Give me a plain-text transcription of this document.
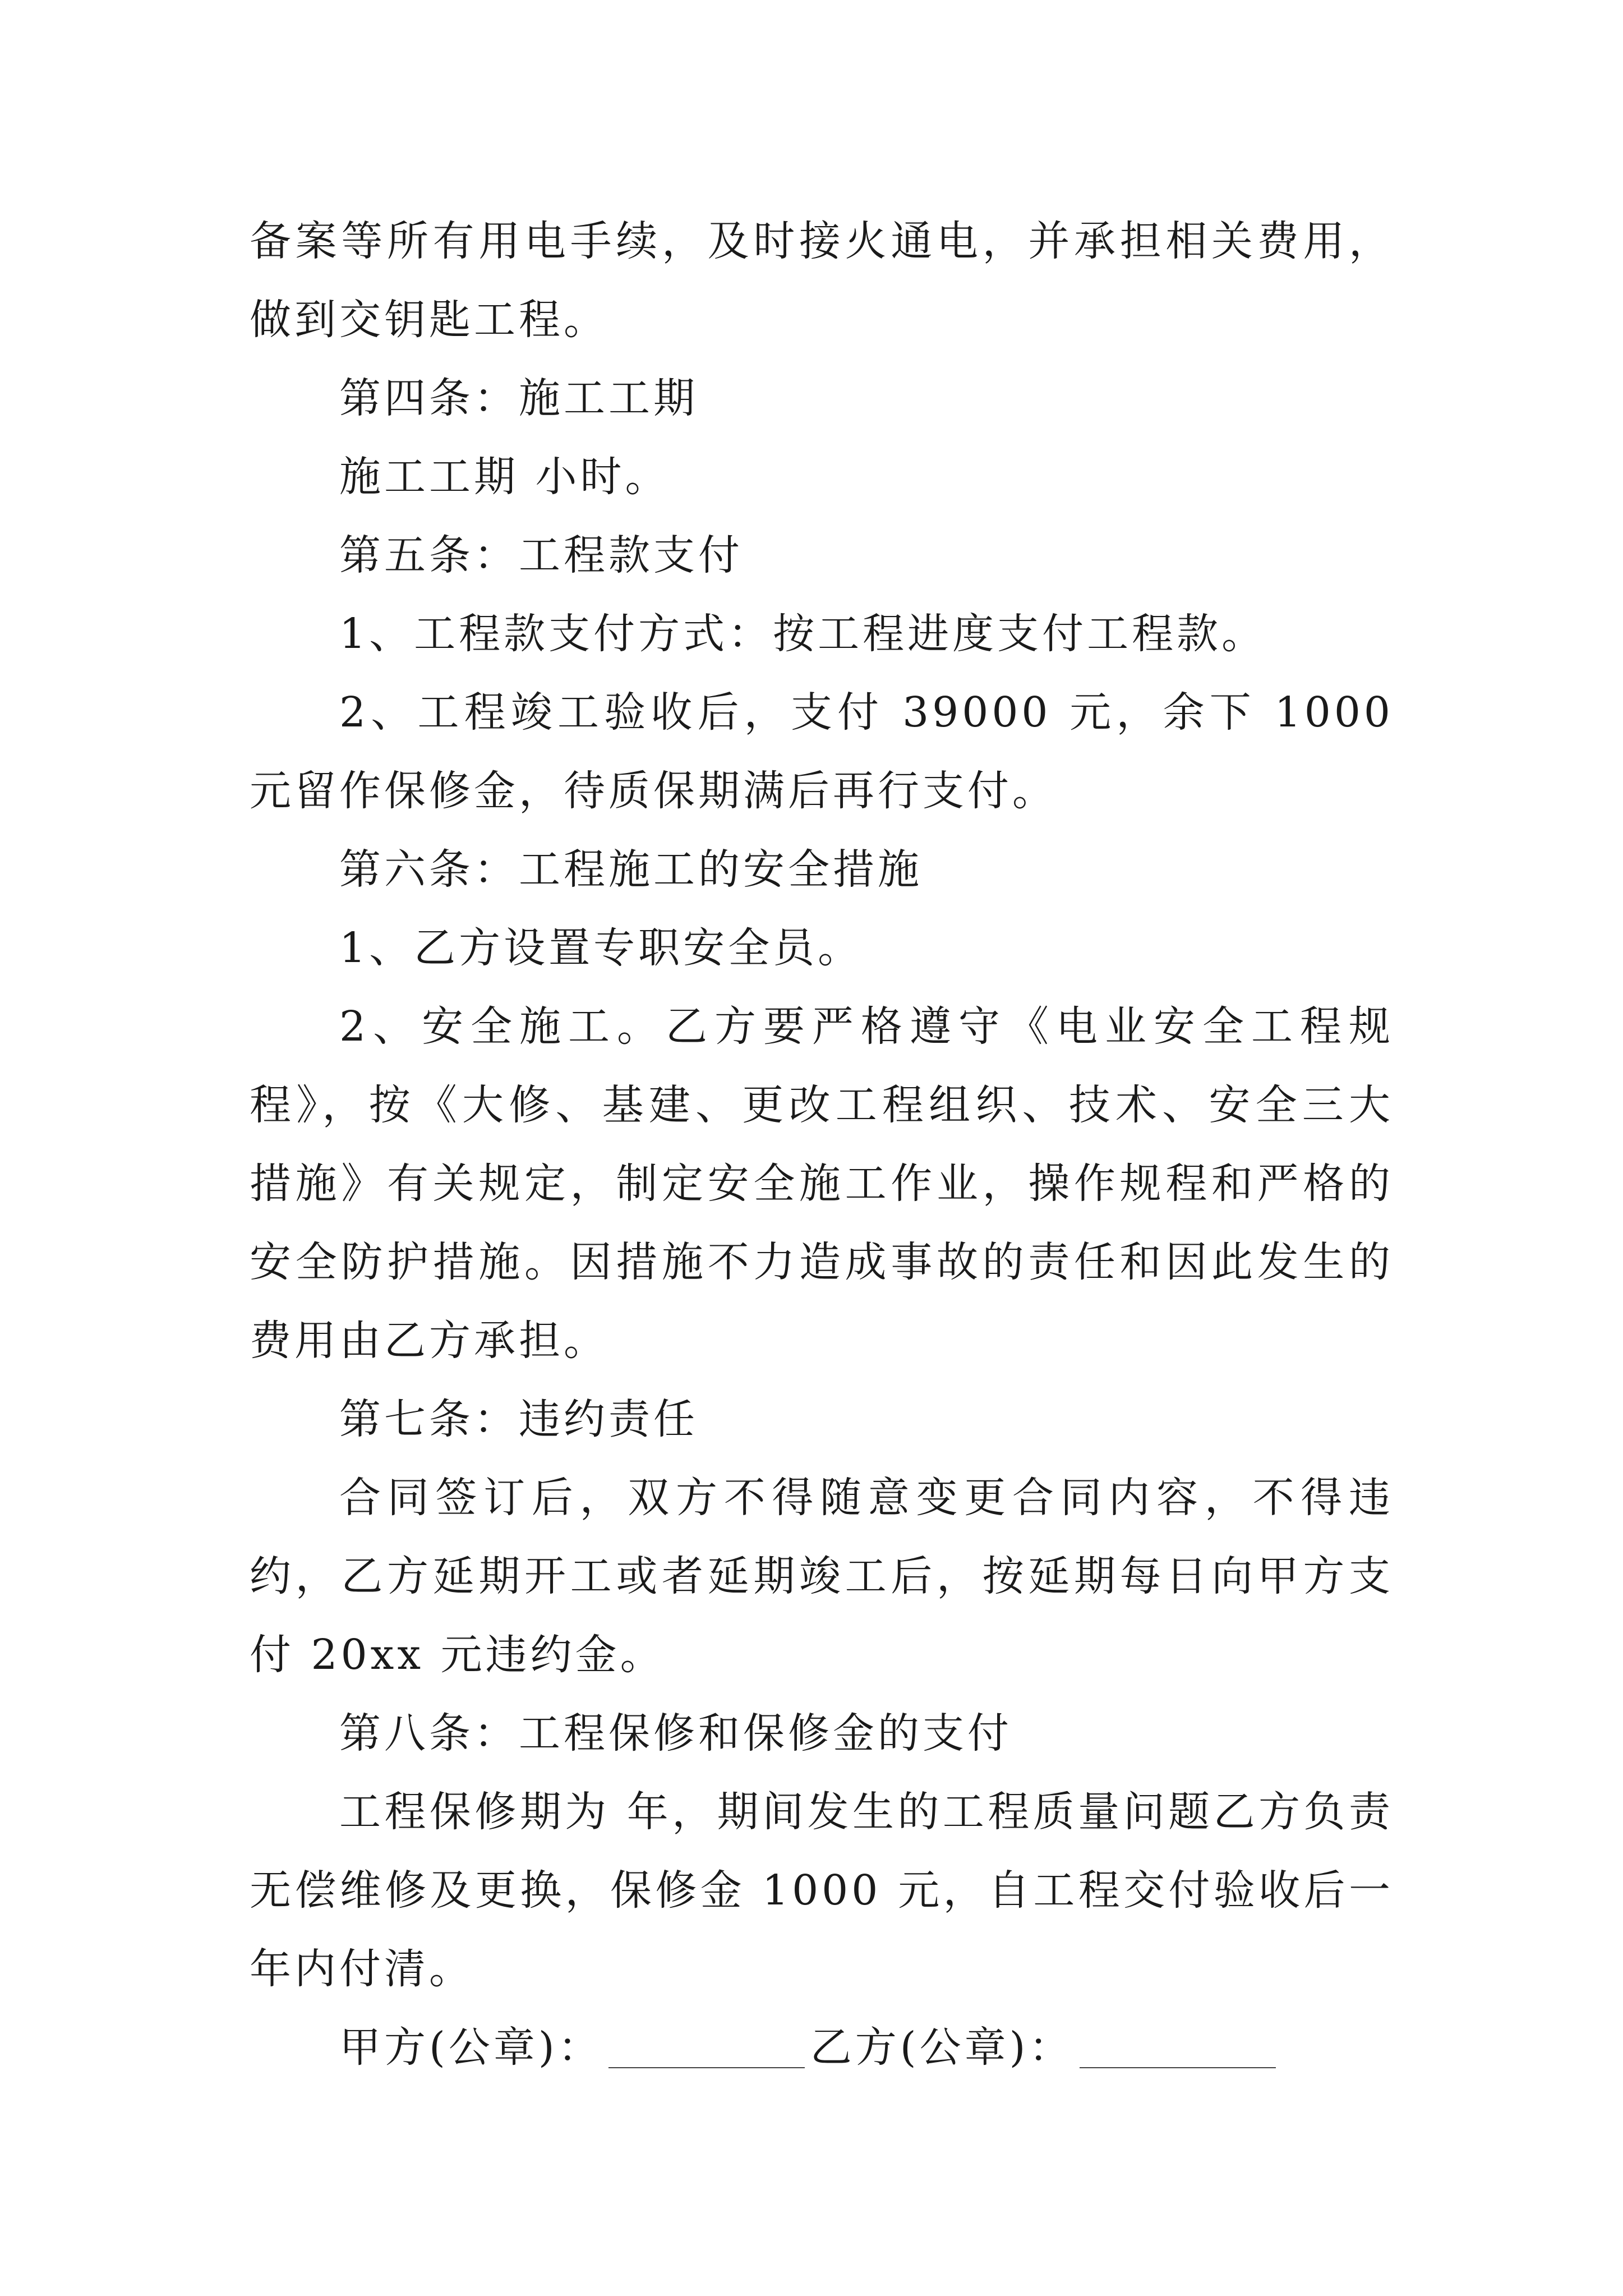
备案等所有用电手续，及时接火通电，并承担相关费用，做到交钥匙工程。

第四条：施工工期

施工工期 小时。

第五条：工程款支付

1、工程款支付方式：按工程进度支付工程款。

2、工程竣工验收后，支付 39000 元，余下 1000 元留作保修金，待质保期满后再行支付。

第六条：工程施工的安全措施

1、乙方设置专职安全员。

2、安全施工。乙方要严格遵守《电业安全工程规程》，按《大修、基建、更改工程组织、技术、安全三大措施》有关规定，制定安全施工作业，操作规程和严格的安全防护措施。因措施不力造成事故的责任和因此发生的费用由乙方承担。

第七条：违约责任

合同签订后，双方不得随意变更合同内容，不得违约，乙方延期开工或者延期竣工后，按延期每日向甲方支付 20xx 元违约金。

第八条：工程保修和保修金的支付

工程保修期为 年，期间发生的工程质量问题乙方负责无偿维修及更换，保修金 1000 元，自工程交付验收后一年内付清。

甲方(公章)：	乙方(公章)：
